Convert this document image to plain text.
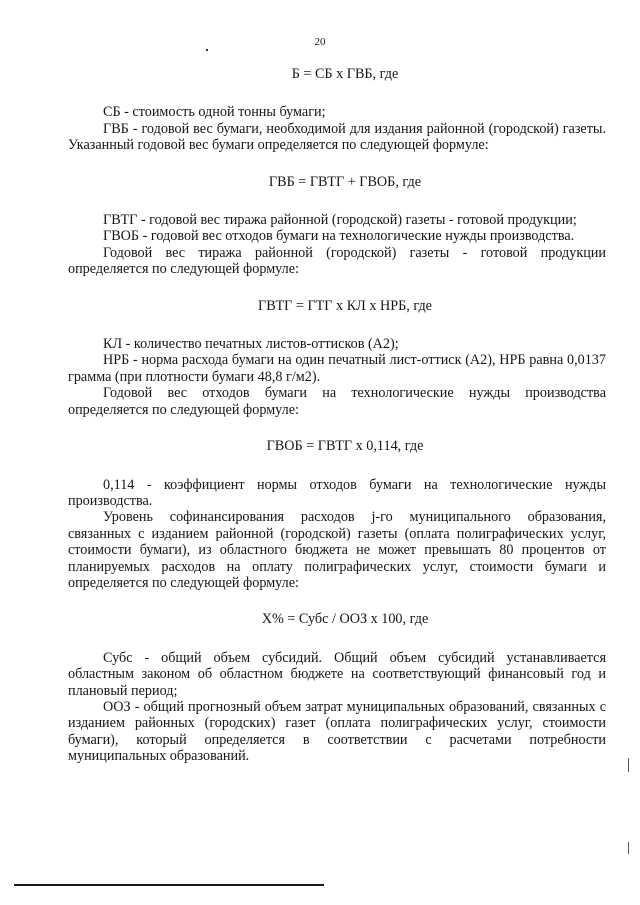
20

Б = СБ х ГВБ, где

СБ - стоимость одной тонны бумаги;

ГВБ - годовой вес бумаги, необходимой для издания районной (городской) газеты. Указанный годовой вес бумаги определяется по следующей формуле:

ГВБ = ГВТГ + ГВОБ, где

ГВТГ - годовой вес тиража районной (городской) газеты - готовой продукции;

ГВОБ - годовой вес отходов бумаги на технологические нужды производства.

Годовой вес тиража районной (городской) газеты - готовой продукции определяется по следующей формуле:

ГВТГ = ГТГ х КЛ х НРБ, где

КЛ - количество печатных листов-оттисков (А2);

НРБ - норма расхода бумаги на один печатный лист-оттиск (А2), НРБ равна 0,0137 грамма (при плотности бумаги 48,8 г/м2).

Годовой вес отходов бумаги на технологические нужды производства определяется по следующей формуле:

ГВОБ = ГВТГ х 0,114, где

0,114 - коэффициент нормы отходов бумаги на технологические нужды производства.

Уровень софинансирования расходов j-го муниципального образования, связанных с изданием районной (городской) газеты (оплата полиграфических услуг, стоимости бумаги), из областного бюджета не может превышать 80 процентов от планируемых расходов на оплату полиграфических услуг, стоимости бумаги и определяется по следующей формуле:

Х% = Субс / ООЗ х 100, где

Субс - общий объем субсидий. Общий объем субсидий устанавливается областным законом об областном бюджете на соответствующий финансовый год и плановый период;

ООЗ - общий прогнозный объем затрат муниципальных образований, связанных с изданием районных (городских) газет (оплата полиграфических услуг, стоимости бумаги), который определяется в соответствии с расчетами потребности муниципальных образований.
